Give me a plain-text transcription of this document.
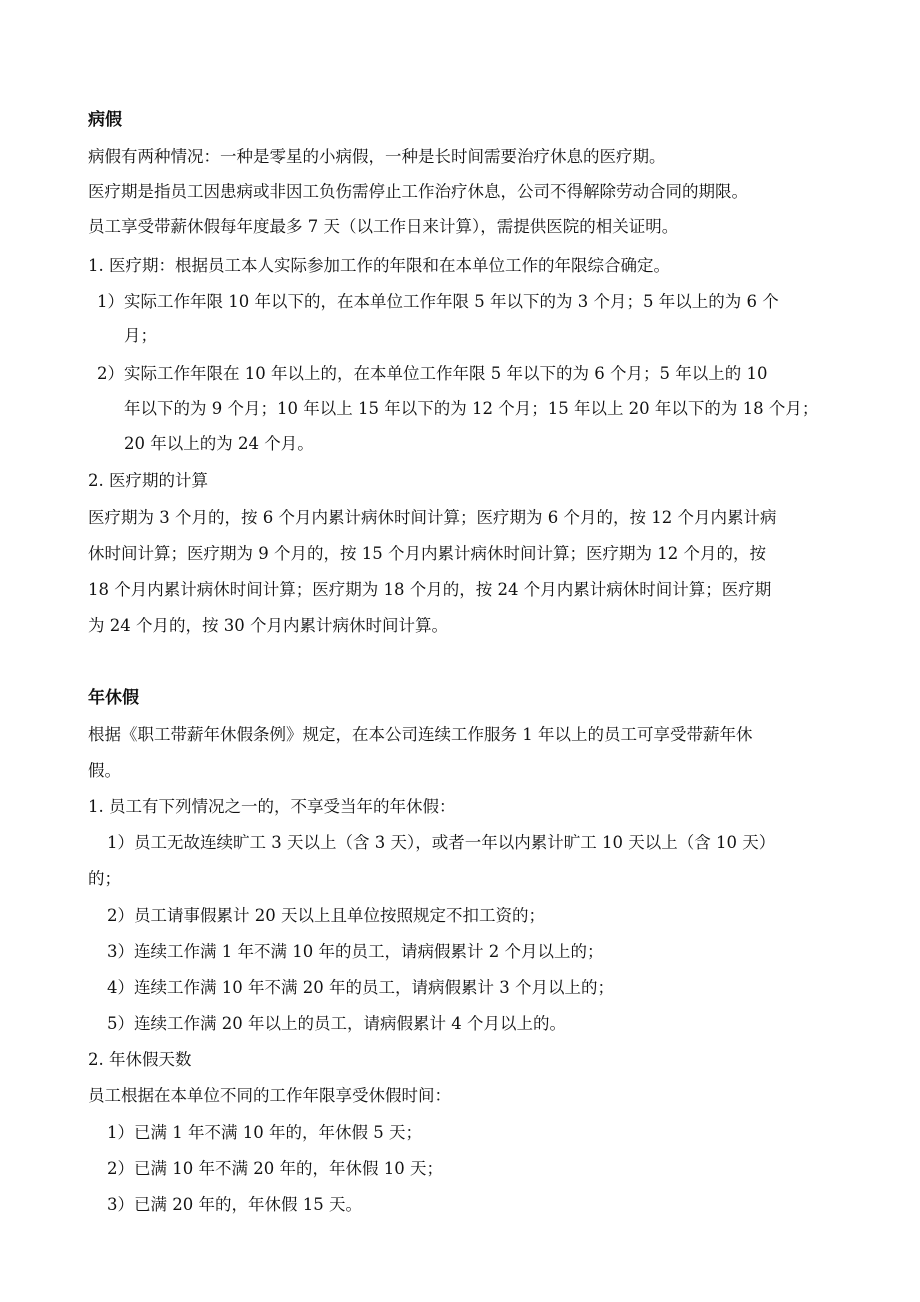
病假
病假有两种情况：一种是零星的小病假，一种是长时间需要治疗休息的医疗期。
医疗期是指员工因患病或非因工负伤需停止工作治疗休息，公司不得解除劳动合同的期限。
员工享受带薪休假每年度最多 7 天（以工作日来计算），需提供医院的相关证明。
1. 医疗期：根据员工本人实际参加工作的年限和在本单位工作的年限综合确定。
1）实际工作年限 10 年以下的，在本单位工作年限 5 年以下的为 3 个月；5 年以上的为 6 个
月；
2）实际工作年限在 10 年以上的，在本单位工作年限 5 年以下的为 6 个月；5 年以上的 10
年以下的为 9 个月；10 年以上 15 年以下的为 12 个月；15 年以上 20 年以下的为 18 个月；
20 年以上的为 24 个月。
2. 医疗期的计算
医疗期为 3 个月的，按 6 个月内累计病休时间计算；医疗期为 6 个月的，按 12 个月内累计病
休时间计算；医疗期为 9 个月的，按 15 个月内累计病休时间计算；医疗期为 12 个月的，按
18 个月内累计病休时间计算；医疗期为 18 个月的，按 24 个月内累计病休时间计算；医疗期
为 24 个月的，按 30 个月内累计病休时间计算。
年休假
根据《职工带薪年休假条例》规定，在本公司连续工作服务 1 年以上的员工可享受带薪年休
假。
1. 员工有下列情况之一的，不享受当年的年休假：
1）员工无故连续旷工 3 天以上（含 3 天），或者一年以内累计旷工 10 天以上（含 10 天）
的；
2）员工请事假累计 20 天以上且单位按照规定不扣工资的；
3）连续工作满 1 年不满 10 年的员工，请病假累计 2 个月以上的；
4）连续工作满 10 年不满 20 年的员工，请病假累计 3 个月以上的；
5）连续工作满 20 年以上的员工，请病假累计 4 个月以上的。
2. 年休假天数
员工根据在本单位不同的工作年限享受休假时间：
1）已满 1 年不满 10 年的，年休假 5 天；
2）已满 10 年不满 20 年的，年休假 10 天；
3）已满 20 年的，年休假 15 天。
